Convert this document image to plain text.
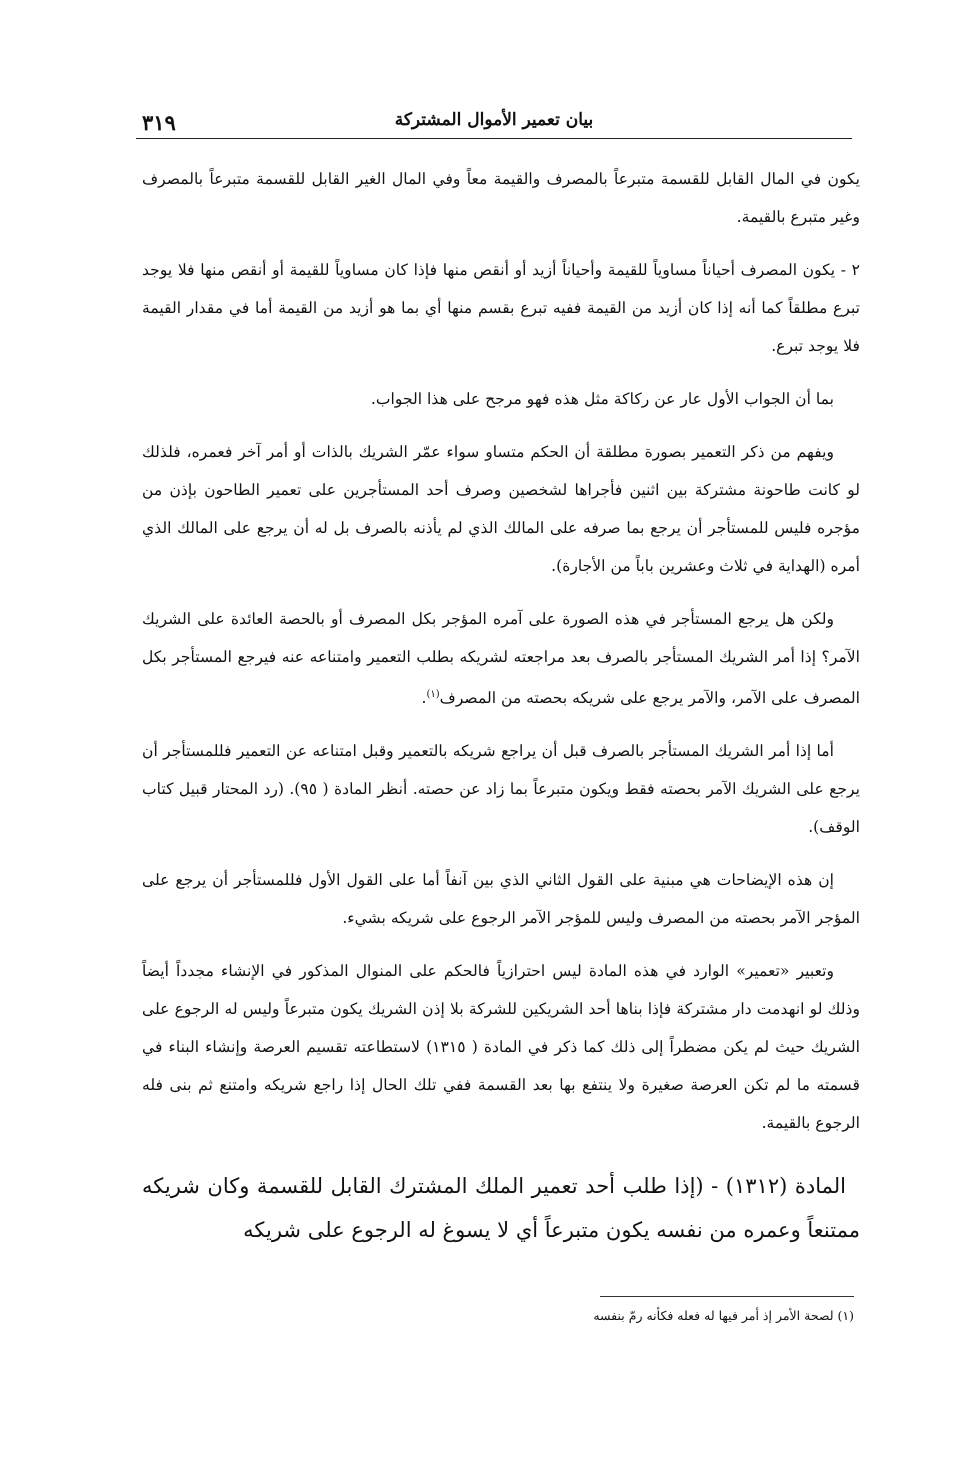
٣١٩	بيان تعمير الأموال المشتركة

يكون في المال القابل للقسمة متبرعاً بالمصرف والقيمة معاً وفي المال الغير القابل للقسمة متبرعاً بالمصرف وغير متبرع بالقيمة.

٢ - يكون المصرف أحياناً مساوياً للقيمة وأحياناً أزيد أو أنقص منها فإذا كان مساوياً للقيمة أو أنقص منها فلا يوجد تبرع مطلقاً كما أنه إذا كان أزيد من القيمة ففيه تبرع بقسم منها أي بما هو أزيد من القيمة أما في مقدار القيمة فلا يوجد تبرع.

بما أن الجواب الأول عار عن ركاكة مثل هذه فهو مرجح على هذا الجواب.

ويفهم من ذكر التعمير بصورة مطلقة أن الحكم متساو سواء عمّر الشريك بالذات أو أمر آخر فعمره، فلذلك لو كانت طاحونة مشتركة بين اثنين فأجراها لشخصين وصرف أحد المستأجرين على تعمير الطاحون بإذن من مؤجره فليس للمستأجر أن يرجع بما صرفه على المالك الذي لم يأذنه بالصرف بل له أن يرجع على المالك الذي أمره (الهداية في ثلاث وعشرين باباً من الأجارة).

ولكن هل يرجع المستأجر في هذه الصورة على آمره المؤجر بكل المصرف أو بالحصة العائدة على الشريك الآمر؟ إذا أمر الشريك المستأجر بالصرف بعد مراجعته لشريكه بطلب التعمير وامتناعه عنه فيرجع المستأجر بكل المصرف على الآمر، والآمر يرجع على شريكه بحصته من المصرف$^{(١)}$.

أما إذا أمر الشريك المستأجر بالصرف قبل أن يراجع شريكه بالتعمير وقبل امتناعه عن التعمير فللمستأجر أن يرجع على الشريك الآمر بحصته فقط ويكون متبرعاً بما زاد عن حصته. أنظر المادة ( ٩٥). (رد المحتار قبيل كتاب الوقف).

إن هذه الإيضاحات هي مبنية على القول الثاني الذي بين آنفاً أما على القول الأول فللمستأجر أن يرجع على المؤجر الآمر بحصته من المصرف وليس للمؤجر الآمر الرجوع على شريكه بشيء.

وتعبير «تعمير» الوارد في هذه المادة ليس احترازياً فالحكم على المنوال المذكور في الإنشاء مجدداً أيضاً وذلك لو انهدمت دار مشتركة فإذا بناها أحد الشريكين للشركة بلا إذن الشريك يكون متبرعاً وليس له الرجوع على الشريك حيث لم يكن مضطراً إلى ذلك كما ذكر في المادة ( ١٣١٥) لاستطاعته تقسيم العرصة وإنشاء البناء في قسمته ما لم تكن العرصة صغيرة ولا ينتفع بها بعد القسمة ففي تلك الحال إذا راجع شريكه وامتنع ثم بنى فله الرجوع بالقيمة.

المادة (١٣١٢) - (إذا طلب أحد تعمير الملك المشترك القابل للقسمة وكان شريكه ممتنعاً وعمره من نفسه يكون متبرعاً أي لا يسوغ له الرجوع على شريكه

(١) لصحة الأمر إذ أمر فيها له فعله فكأنه رمّ بنفسه
